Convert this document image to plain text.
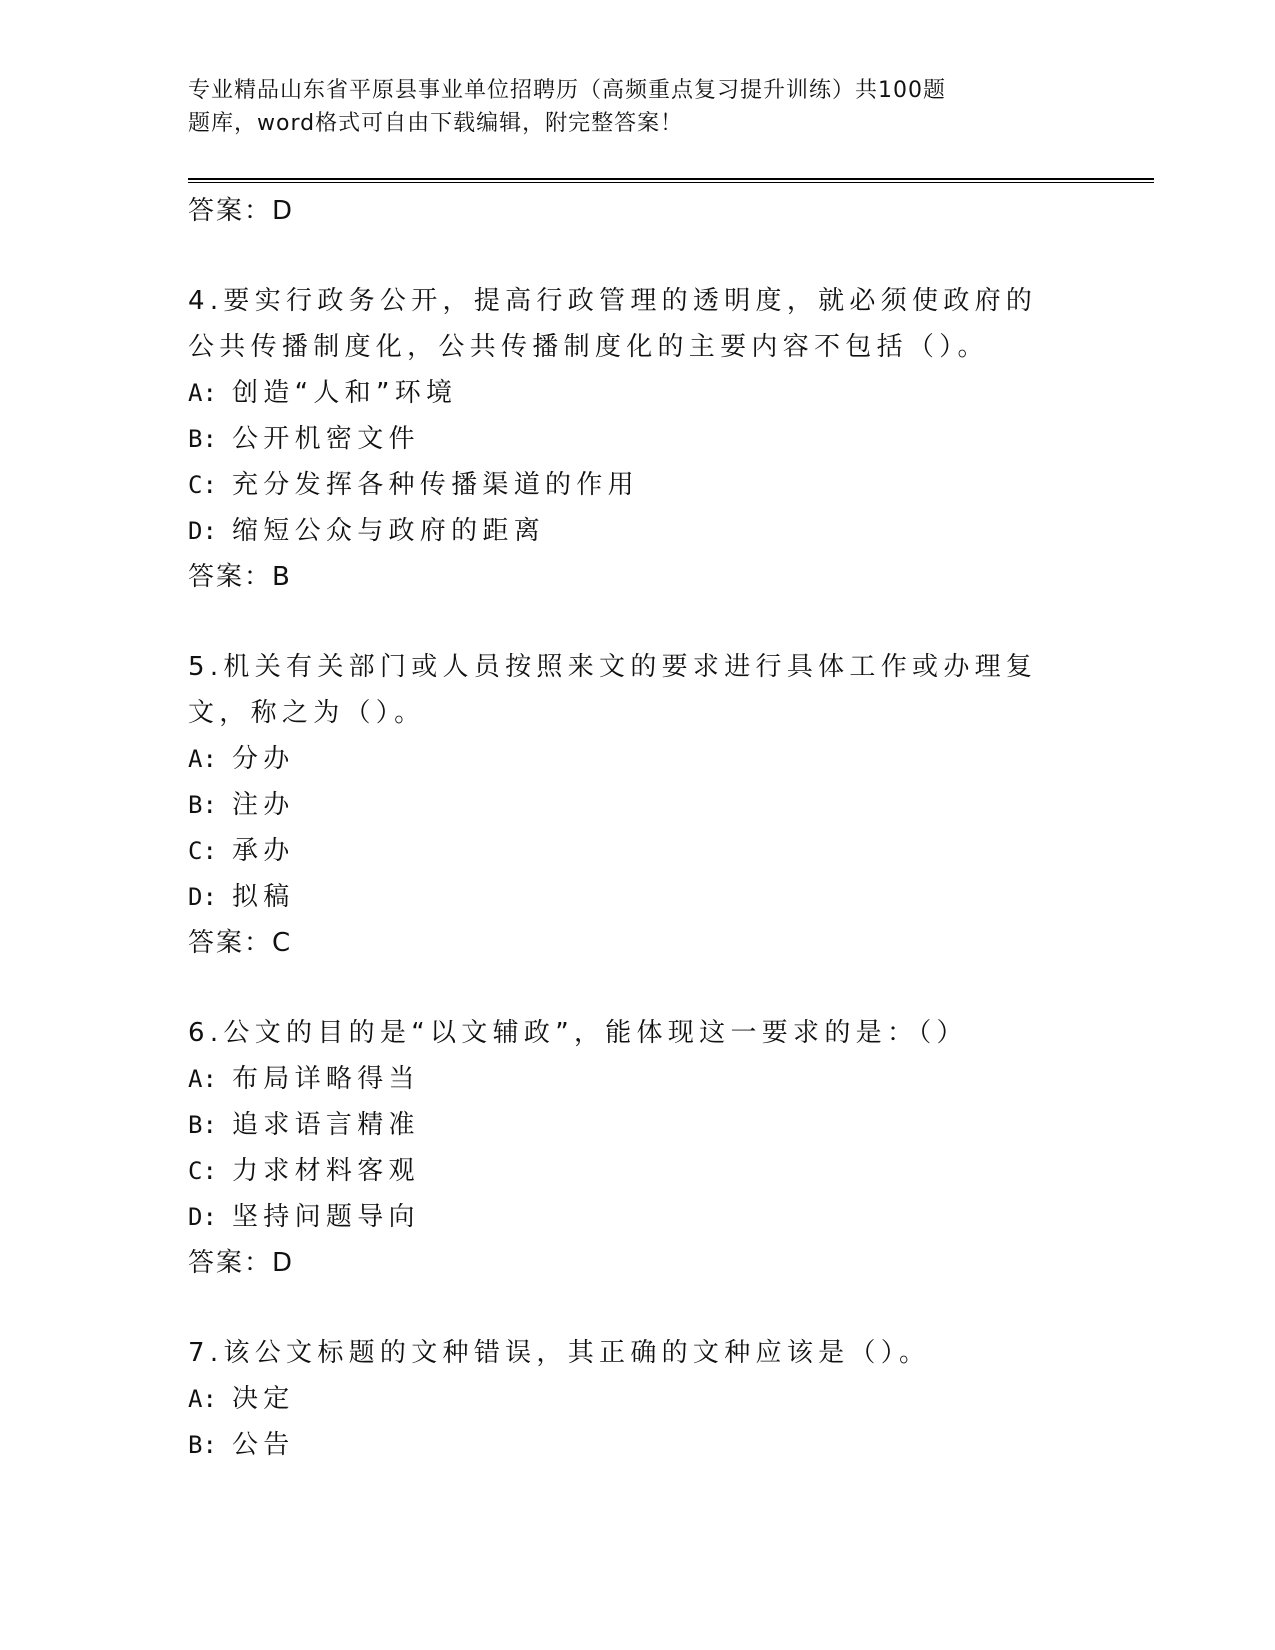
专业精品山东省平原县事业单位招聘历（高频重点复习提升训练）共100题
题库，word格式可自由下载编辑，附完整答案！
答案：D
4.要实行政务公开，提高行政管理的透明度，就必须使政府的公共传播制度化，公共传播制度化的主要内容不包括（）。
A: 创造“人和”环境
B: 公开机密文件
C: 充分发挥各种传播渠道的作用
D: 缩短公众与政府的距离
答案：B
5.机关有关部门或人员按照来文的要求进行具体工作或办理复文，称之为（）。
A: 分办
B: 注办
C: 承办
D: 拟稿
答案：C
6.公文的目的是“以文辅政”，能体现这一要求的是：（）
A: 布局详略得当
B: 追求语言精准
C: 力求材料客观
D: 坚持问题导向
答案：D
7.该公文标题的文种错误，其正确的文种应该是（）。
A: 决定
B: 公告
